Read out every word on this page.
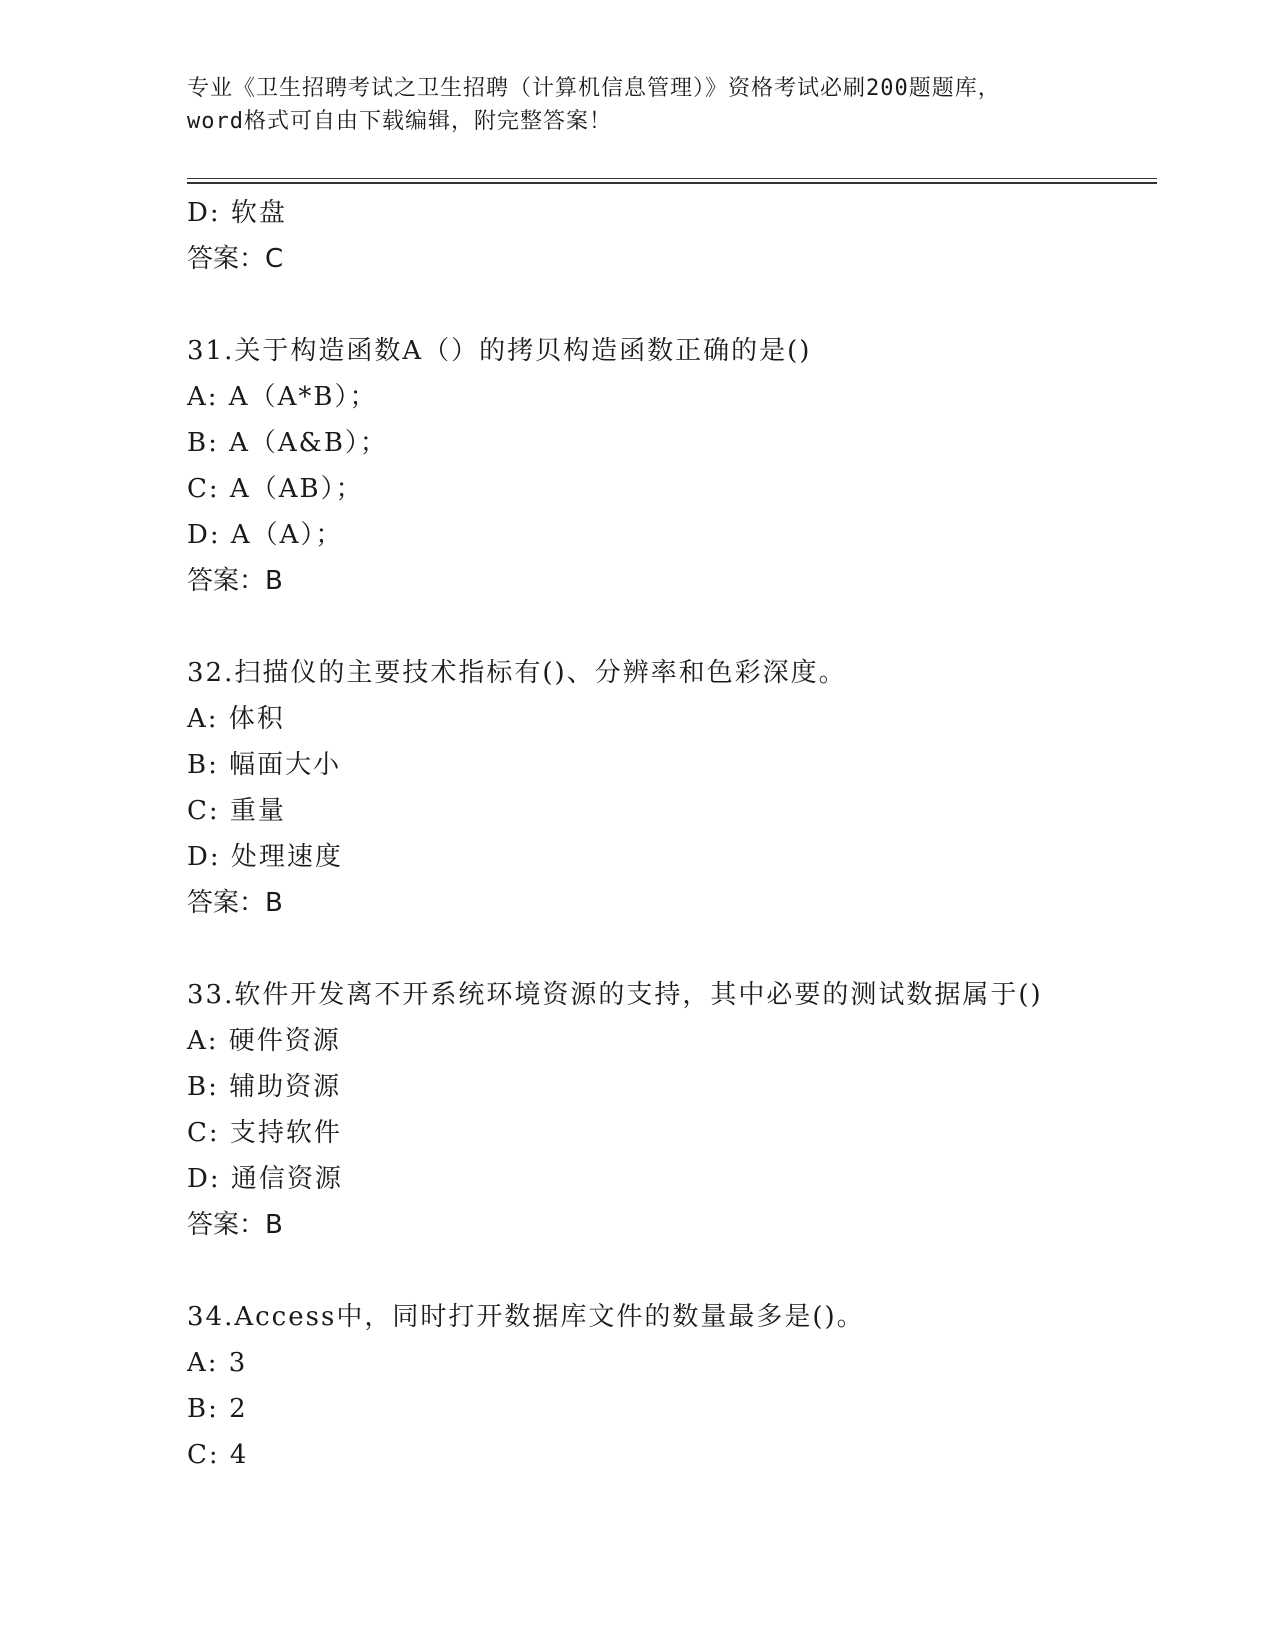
专业《卫生招聘考试之卫生招聘（计算机信息管理）》资格考试必刷200题题库，
word格式可自由下载编辑，附完整答案！
D: 软盘
答案：C
31.关于构造函数A（）的拷贝构造函数正确的是()
A: A（A*B）；
B: A（A&B）；
C: A（AB）；
D: A（A）；
答案：B
32.扫描仪的主要技术指标有()、分辨率和色彩深度。
A: 体积
B: 幅面大小
C: 重量
D: 处理速度
答案：B
33.软件开发离不开系统环境资源的支持，其中必要的测试数据属于()
A: 硬件资源
B: 辅助资源
C: 支持软件
D: 通信资源
答案：B
34.Access中，同时打开数据库文件的数量最多是()。
A: 3
B: 2
C: 4
